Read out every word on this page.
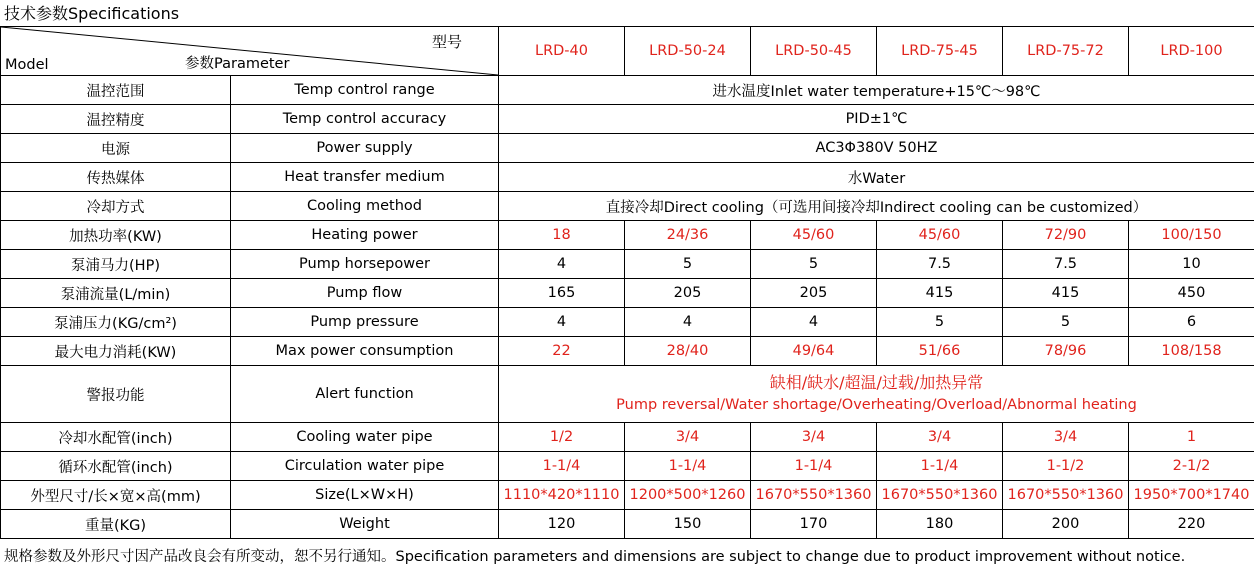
技术参数Specifications
型号
Model 参数Parameter		LRD-40	LRD-50-24	LRD-50-45	LRD-75-45	LRD-75-72	LRD-100
温控范围	Temp control range	进水温度Inlet water temperature+15℃～98℃					
温控精度	Temp control accuracy	PID±1℃					
电源	Power supply	AC3Φ380V 50HZ					
传热媒体	Heat transfer medium	水Water					
冷却方式	Cooling method	直接冷却Direct cooling（可选用间接冷却Indirect cooling can be customized）					
加热功率(KW)	Heating power	18	24/36	45/60	45/60	72/90	100/150
泵浦马力(HP)	Pump horsepower	4	5	5	7.5	7.5	10
泵浦流量(L/min)	Pump flow	165	205	205	415	415	450
泵浦压力(KG/cm²)	Pump pressure	4	4	4	5	5	6
最大电力消耗(KW)	Max power consumption	22	28/40	49/64	51/66	78/96	108/158
警报功能	Alert function	缺相/缺水/超温/过载/加热异常
Pump reversal/Water shortage/Overheating/Overload/Abnormal heating					

冷却水配管(inch)	Cooling water pipe	1/2	3/4	3/4	3/4	3/4	1
循环水配管(inch)	Circulation water pipe	1-1/4	1-1/4	1-1/4	1-1/4	1-1/2	2-1/2
外型尺寸/长×宽×高(mm)	Size(L×W×H)	1110*420*1110	1200*500*1260	1670*550*1360	1670*550*1360	1670*550*1360	1950*700*1740
重量(KG)	Weight	120	150	170	180	200	220
规格参数及外形尺寸因产品改良会有所变动，恕不另行通知。Specification parameters and dimensions are subject to change due to product improvement without notice.
